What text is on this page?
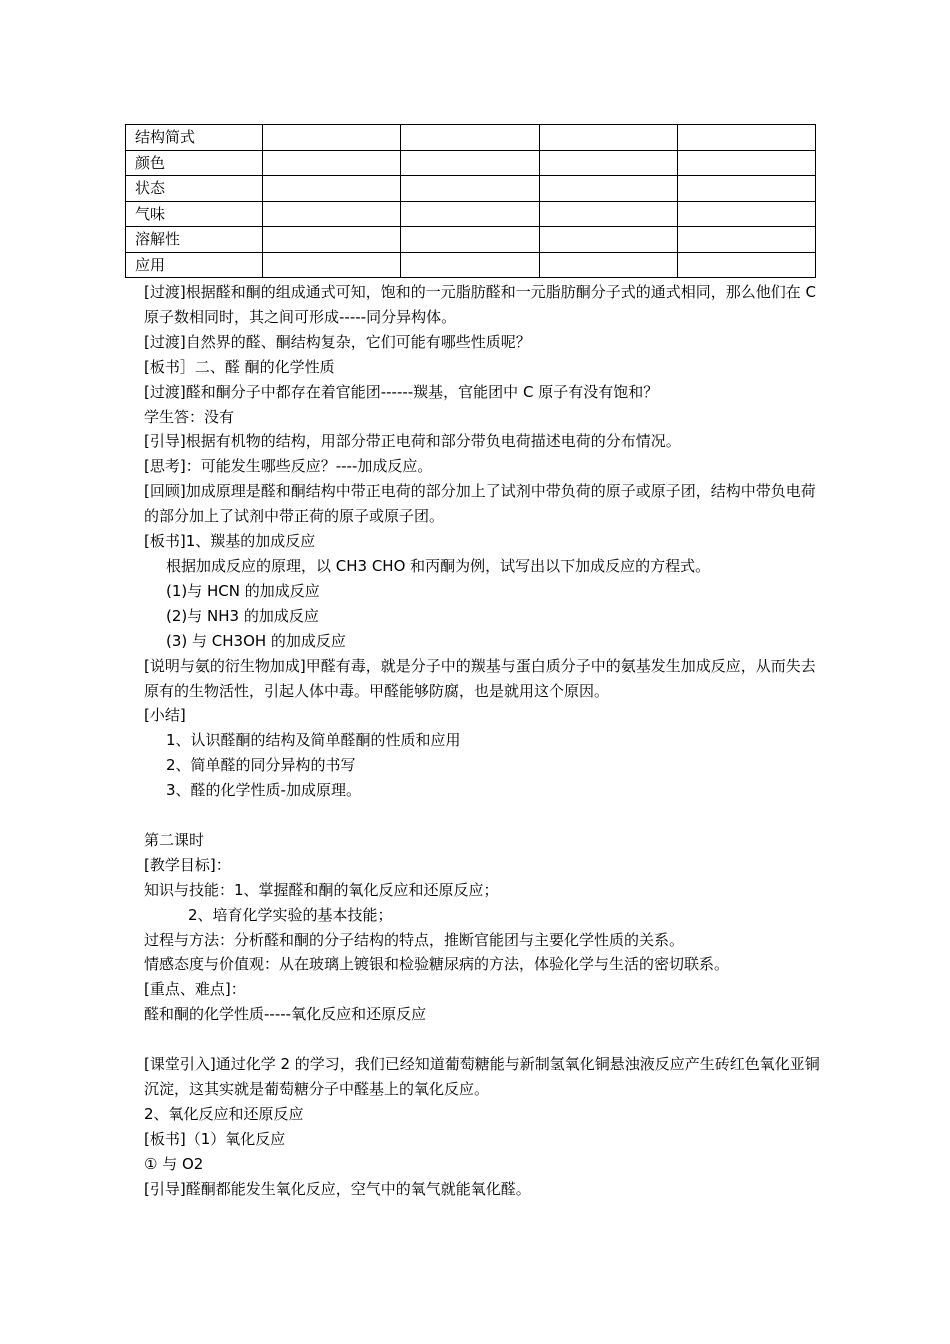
结构简式				
颜色				
状态				
气味				
溶解性				
应用				

[过渡]根据醛和酮的组成通式可知，饱和的一元脂肪醛和一元脂肪酮分子式的通式相同，那么他们在 C 原子数相同时，其之间可形成-----同分异构体。

[过渡]自然界的醛、酮结构复杂，它们可能有哪些性质呢？

[板书］二、醛 酮的化学性质

[过渡]醛和酮分子中都存在着官能团------羰基，官能团中 C 原子有没有饱和？

学生答：没有

[引导]根据有机物的结构，用部分带正电荷和部分带负电荷描述电荷的分布情况。

[思考]：可能发生哪些反应？----加成反应。

[回顾]加成原理是醛和酮结构中带正电荷的部分加上了试剂中带负荷的原子或原子团，结构中带负电荷的部分加上了试剂中带正荷的原子或原子团。

[板书]1、羰基的加成反应

根据加成反应的原理，以 CH3 CHO 和丙酮为例，试写出以下加成反应的方程式。

(1)与 HCN 的加成反应

(2)与 NH3 的加成反应

(3) 与 CH3OH 的加成反应

[说明与氨的衍生物加成]甲醛有毒，就是分子中的羰基与蛋白质分子中的氨基发生加成反应，从而失去原有的生物活性，引起人体中毒。甲醛能够防腐，也是就用这个原因。

[小结]

1、认识醛酮的结构及简单醛酮的性质和应用

2、简单醛的同分异构的书写

3、醛的化学性质-加成原理。

第二课时

[教学目标]：

知识与技能：1、掌握醛和酮的氧化反应和还原反应；

2、培育化学实验的基本技能；

过程与方法：分析醛和酮的分子结构的特点，推断官能团与主要化学性质的关系。

情感态度与价值观：从在玻璃上镀银和检验糖尿病的方法，体验化学与生活的密切联系。

[重点、难点]：

醛和酮的化学性质-----氧化反应和还原反应

[课堂引入]通过化学 2 的学习，我们已经知道葡萄糖能与新制氢氧化铜悬浊液反应产生砖红色氧化亚铜沉淀，这其实就是葡萄糖分子中醛基上的氧化反应。

2、氧化反应和还原反应

[板书]（1）氧化反应

① 与 O2

[引导]醛酮都能发生氧化反应，空气中的氧气就能氧化醛。
